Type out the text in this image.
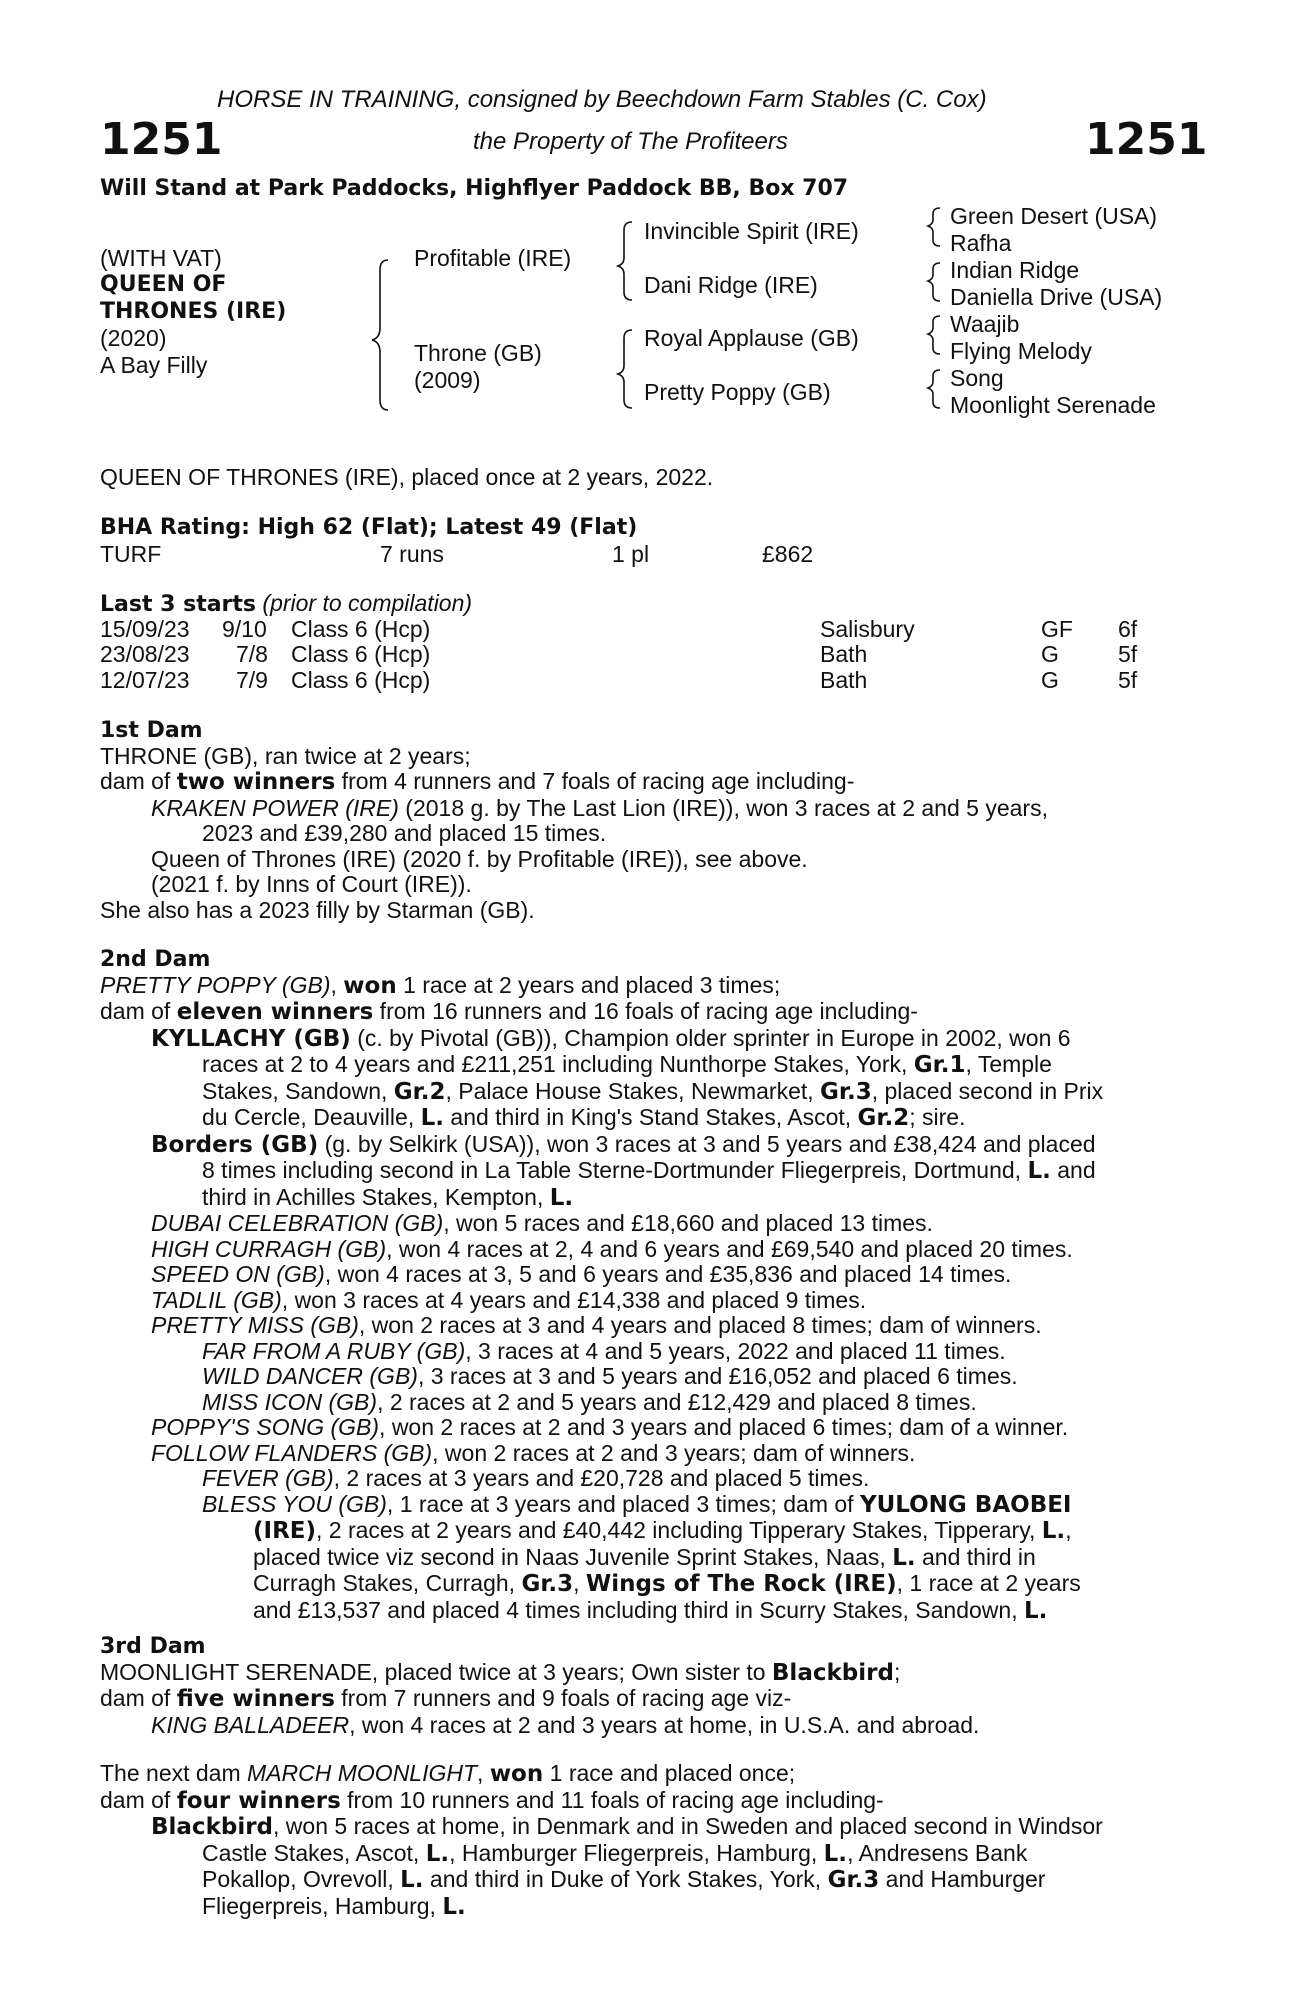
HORSE IN TRAINING, consigned by Beechdown Farm Stables (C. Cox)
the Property of The Profiteers
1251	1251
Will Stand at Park Paddocks, Highflyer Paddock BB, Box 707
(WITH VAT)
QUEEN OF
THRONES (IRE)
(2020)
A Bay Filly
Profitable (IRE)
Throne (GB)
(2009)
Invincible Spirit (IRE)
Dani Ridge (IRE)
Royal Applause (GB)
Pretty Poppy (GB)
Green Desert (USA)
Rafha
Indian Ridge
Daniella Drive (USA)
Waajib
Flying Melody
Song
Moonlight Serenade
QUEEN OF THRONES (IRE), placed once at 2 years, 2022.
BHA Rating: High 62 (Flat); Latest 49 (Flat)
TURF	7 runs	1 pl	£862
Last 3 starts (prior to compilation)
15/09/23 9/10 Class 6 (Hcp)	Salisbury	GF 6f
23/08/23 7/8 Class 6 (Hcp)	Bath	G	5f
12/07/23 7/9 Class 6 (Hcp)	Bath	G	5f
1st Dam
THRONE (GB), ran twice at 2 years;
dam of two winners from 4 runners and 7 foals of racing age including-
KRAKEN POWER (IRE) (2018 g. by The Last Lion (IRE)), won 3 races at 2 and 5 years,
2023 and £39,280 and placed 15 times.
Queen of Thrones (IRE) (2020 f. by Profitable (IRE)), see above.
(2021 f. by Inns of Court (IRE)).
She also has a 2023 filly by Starman (GB).
2nd Dam
PRETTY POPPY (GB), won 1 race at 2 years and placed 3 times;
dam of eleven winners from 16 runners and 16 foals of racing age including-
KYLLACHY (GB) (c. by Pivotal (GB)), Champion older sprinter in Europe in 2002, won 6
races at 2 to 4 years and £211,251 including Nunthorpe Stakes, York, Gr.1, Temple
Stakes, Sandown, Gr.2, Palace House Stakes, Newmarket, Gr.3, placed second in Prix
du Cercle, Deauville, L. and third in King's Stand Stakes, Ascot, Gr.2; sire.
Borders (GB) (g. by Selkirk (USA)), won 3 races at 3 and 5 years and £38,424 and placed
8 times including second in La Table Sterne-Dortmunder Fliegerpreis, Dortmund, L. and
third in Achilles Stakes, Kempton, L.
DUBAI CELEBRATION (GB), won 5 races and £18,660 and placed 13 times.
HIGH CURRAGH (GB), won 4 races at 2, 4 and 6 years and £69,540 and placed 20 times.
SPEED ON (GB), won 4 races at 3, 5 and 6 years and £35,836 and placed 14 times.
TADLIL (GB), won 3 races at 4 years and £14,338 and placed 9 times.
PRETTY MISS (GB), won 2 races at 3 and 4 years and placed 8 times; dam of winners.
FAR FROM A RUBY (GB), 3 races at 4 and 5 years, 2022 and placed 11 times.
WILD DANCER (GB), 3 races at 3 and 5 years and £16,052 and placed 6 times.
MISS ICON (GB), 2 races at 2 and 5 years and £12,429 and placed 8 times.
POPPY'S SONG (GB), won 2 races at 2 and 3 years and placed 6 times; dam of a winner.
FOLLOW FLANDERS (GB), won 2 races at 2 and 3 years; dam of winners.
FEVER (GB), 2 races at 3 years and £20,728 and placed 5 times.
BLESS YOU (GB), 1 race at 3 years and placed 3 times; dam of YULONG BAOBEI
(IRE), 2 races at 2 years and £40,442 including Tipperary Stakes, Tipperary, L.,
placed twice viz second in Naas Juvenile Sprint Stakes, Naas, L. and third in
Curragh Stakes, Curragh, Gr.3, Wings of The Rock (IRE), 1 race at 2 years
and £13,537 and placed 4 times including third in Scurry Stakes, Sandown, L.
3rd Dam
MOONLIGHT SERENADE, placed twice at 3 years; Own sister to Blackbird;
dam of five winners from 7 runners and 9 foals of racing age viz-
KING BALLADEER, won 4 races at 2 and 3 years at home, in U.S.A. and abroad.
The next dam MARCH MOONLIGHT, won 1 race and placed once;
dam of four winners from 10 runners and 11 foals of racing age including-
Blackbird, won 5 races at home, in Denmark and in Sweden and placed second in Windsor
Castle Stakes, Ascot, L., Hamburger Fliegerpreis, Hamburg, L., Andresens Bank
Pokallop, Ovrevoll, L. and third in Duke of York Stakes, York, Gr.3 and Hamburger
Fliegerpreis, Hamburg, L.
